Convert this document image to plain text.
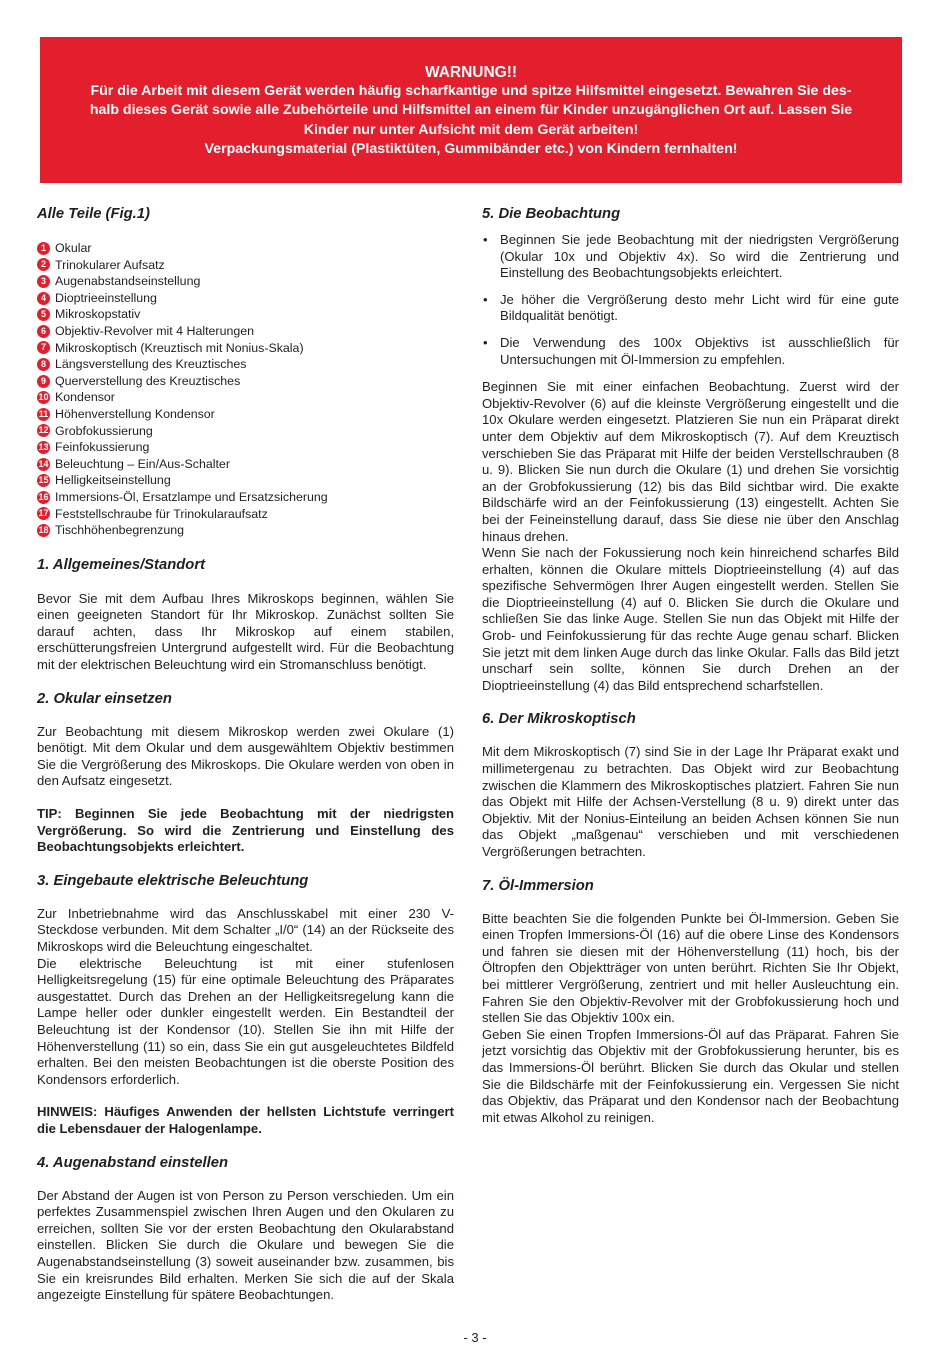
WARNUNG!!
Für die Arbeit mit diesem Gerät werden häufig scharfkantige und spitze Hilfsmittel eingesetzt. Bewahren Sie des-
halb dieses Gerät sowie alle Zubehörteile und Hilfsmittel an einem für Kinder unzugänglichen Ort auf. Lassen Sie
Kinder nur unter Aufsicht mit dem Gerät arbeiten!
Verpackungsmaterial (Plastiktüten, Gummibänder etc.) von Kindern fernhalten!
Alle Teile (Fig.1)
1 Okular
2 Trinokularer Aufsatz
3 Augenabstandseinstellung
4 Dioptrieeinstellung
5 Mikroskopstativ
6 Objektiv-Revolver mit 4 Halterungen
7 Mikroskoptisch (Kreuztisch mit Nonius-Skala)
8 Längsverstellung des Kreuztisches
9 Querverstellung des Kreuztisches
10 Kondensor
11 Höhenverstellung Kondensor
12 Grobfokussierung
13 Feinfokussierung
14 Beleuchtung – Ein/Aus-Schalter
15 Helligkeitseinstellung
16 Immersions-Öl, Ersatzlampe und Ersatzsicherung
17 Feststellschraube für Trinokularaufsatz
18 Tischhöhenbegrenzung
1. Allgemeines/Standort

Bevor Sie mit dem Aufbau Ihres Mikroskops beginnen, wählen Sie einen geeigneten Standort für Ihr Mikroskop. Zunächst sollten Sie darauf achten, dass Ihr Mikroskop auf einem stabilen, erschütterungsfreien Untergrund aufgestellt wird. Für die Beobachtung mit der elektrischen Beleuchtung wird ein Stromanschluss benötigt.

2. Okular einsetzen

Zur Beobachtung mit diesem Mikroskop werden zwei Okulare (1) benötigt. Mit dem Okular und dem ausgewähltem Objektiv bestimmen Sie die Vergrößerung des Mikroskops. Die Okulare werden von oben in den Aufsatz eingesetzt.

TIP: Beginnen Sie jede Beobachtung mit der niedrigsten Vergrößerung. So wird die Zentrierung und Einstellung des Beobachtungsobjekts erleichtert.

3. Eingebaute elektrische Beleuchtung

Zur Inbetriebnahme wird das Anschlusskabel mit einer 230 V-Steckdose verbunden. Mit dem Schalter „I/0“ (14) an der Rückseite des Mikroskops wird die Beleuchtung eingeschaltet.

Die elektrische Beleuchtung ist mit einer stufenlosen Helligkeitsregelung (15) für eine optimale Beleuchtung des Präparates ausgestattet. Durch das Drehen an der Helligkeitsregelung kann die Lampe heller oder dunkler eingestellt werden. Ein Bestandteil der Beleuchtung ist der Kondensor (10). Stellen Sie ihn mit Hilfe der Höhenverstellung (11) so ein, dass Sie ein gut ausgeleuchtetes Bildfeld erhalten. Bei den meisten Beobachtungen ist die oberste Position des Kondensors erforderlich.

HINWEIS: Häufiges Anwenden der hellsten Lichtstufe verringert die Lebensdauer der Halogenlampe.

4. Augenabstand einstellen

Der Abstand der Augen ist von Person zu Person verschieden. Um ein perfektes Zusammenspiel zwischen Ihren Augen und den Okularen zu erreichen, sollten Sie vor der ersten Beobachtung den Okularabstand einstellen. Blicken Sie durch die Okulare und bewegen Sie die Augenabstandseinstellung (3) soweit auseinander bzw. zusammen, bis Sie ein kreisrundes Bild erhalten. Merken Sie sich die auf der Skala angezeigte Einstellung für spätere Beobachtungen.

5. Die Beobachtung

• Beginnen Sie jede Beobachtung mit der niedrigsten Vergrößerung (Okular 10x und Objektiv 4x). So wird die Zentrierung und Einstellung des Beobachtungsobjekts erleichtert.

• Je höher die Vergrößerung desto mehr Licht wird für eine gute Bildqualität benötigt.

• Die Verwendung des 100x Objektivs ist ausschließlich für Untersuchungen mit Öl-Immersion zu empfehlen.

Beginnen Sie mit einer einfachen Beobachtung. Zuerst wird der Objektiv-Revolver (6) auf die kleinste Vergrößerung eingestellt und die 10x Okulare werden eingesetzt. Platzieren Sie nun ein Präparat direkt unter dem Objektiv auf dem Mikroskoptisch (7). Auf dem Kreuztisch verschieben Sie das Präparat mit Hilfe der beiden Verstellschrauben (8 u. 9). Blicken Sie nun durch die Okulare (1) und drehen Sie vorsichtig an der Grobfokussierung (12) bis das Bild sichtbar wird. Die exakte Bildschärfe wird an der Feinfokussierung (13) eingestellt. Achten Sie bei der Feineinstellung darauf, dass Sie diese nie über den Anschlag hinaus drehen.

Wenn Sie nach der Fokussierung noch kein hinreichend scharfes Bild erhalten, können die Okulare mittels Dioptrieeinstellung (4) auf das spezifische Sehvermögen Ihrer Augen eingestellt werden. Stellen Sie die Dioptrieeinstellung (4) auf 0. Blicken Sie durch die Okulare und schließen Sie das linke Auge. Stellen Sie nun das Objekt mit Hilfe der Grob- und Feinfokussierung für das rechte Auge genau scharf. Blicken Sie jetzt mit dem linken Auge durch das linke Okular. Falls das Bild jetzt unscharf sein sollte, können Sie durch Drehen an der Dioptrieeinstellung (4) das Bild entsprechend scharfstellen.

6. Der Mikroskoptisch

Mit dem Mikroskoptisch (7) sind Sie in der Lage Ihr Präparat exakt und millimetergenau zu betrachten. Das Objekt wird zur Beobachtung zwischen die Klammern des Mikroskoptisches platziert. Fahren Sie nun das Objekt mit Hilfe der Achsen-Verstellung (8 u. 9) direkt unter das Objektiv. Mit der Nonius-Einteilung an beiden Achsen können Sie nun das Objekt „maßgenau“ verschieben und mit verschiedenen Vergrößerungen betrachten.

7. Öl-Immersion

Bitte beachten Sie die folgenden Punkte bei Öl-Immersion. Geben Sie einen Tropfen Immersions-Öl (16) auf die obere Linse des Kondensors und fahren sie diesen mit der Höhenverstellung (11) hoch, bis der Öltropfen den Objektträger von unten berührt. Richten Sie Ihr Objekt, bei mittlerer Vergrößerung, zentriert und mit heller Ausleuchtung ein. Fahren Sie den Objektiv-Revolver mit der Grobfokussierung hoch und stellen Sie das Objektiv 100x ein.

Geben Sie einen Tropfen Immersions-Öl auf das Präparat. Fahren Sie jetzt vorsichtig das Objektiv mit der Grobfokussierung herunter, bis es das Immersions-Öl berührt. Blicken Sie durch das Okular und stellen Sie die Bildschärfe mit der Feinfokussierung ein. Vergessen Sie nicht das Objektiv, das Präparat und den Kondensor nach der Beobachtung mit etwas Alkohol zu reinigen.

- 3 -
